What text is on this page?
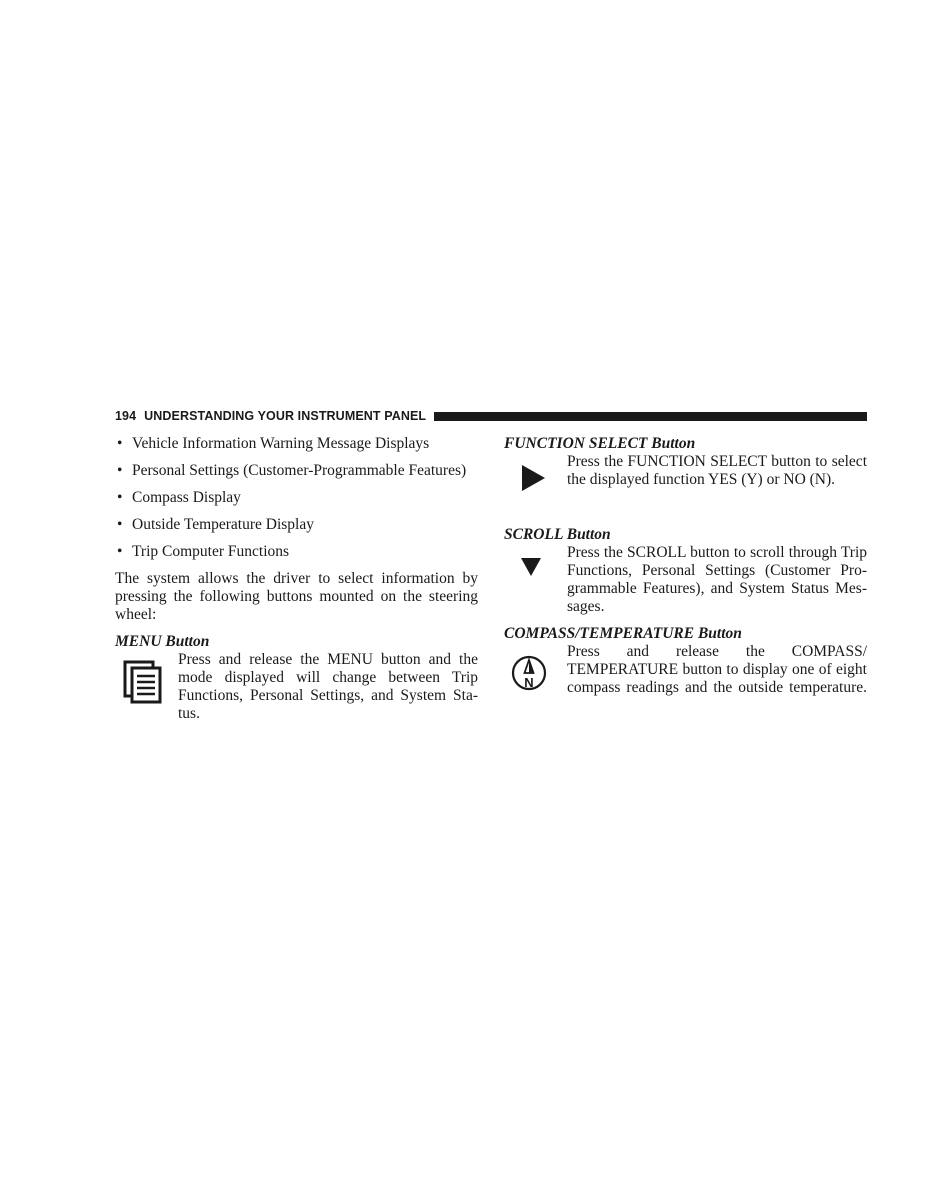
194 UNDERSTANDING YOUR INSTRUMENT PANEL
• Vehicle Information Warning Message Displays
• Personal Settings (Customer-Programmable Features)
• Compass Display
• Outside Temperature Display
• Trip Computer Functions

The system allows the driver to select information by
pressing the following buttons mounted on the steering
wheel:

MENU Button

Press and release the MENU button and the
mode displayed will change between Trip
Functions, Personal Settings, and System Sta-
tus.

FUNCTION SELECT Button

Press the FUNCTION SELECT button to select
the displayed function YES (Y) or NO (N).

SCROLL Button

Press the SCROLL button to scroll through Trip
Functions, Personal Settings (Customer Pro-
grammable Features), and System Status Mes-
sages.

COMPASS/TEMPERATURE Button

N
Press and release the COMPASS/
TEMPERATURE button to display one of eight
compass readings and the outside temperature.
